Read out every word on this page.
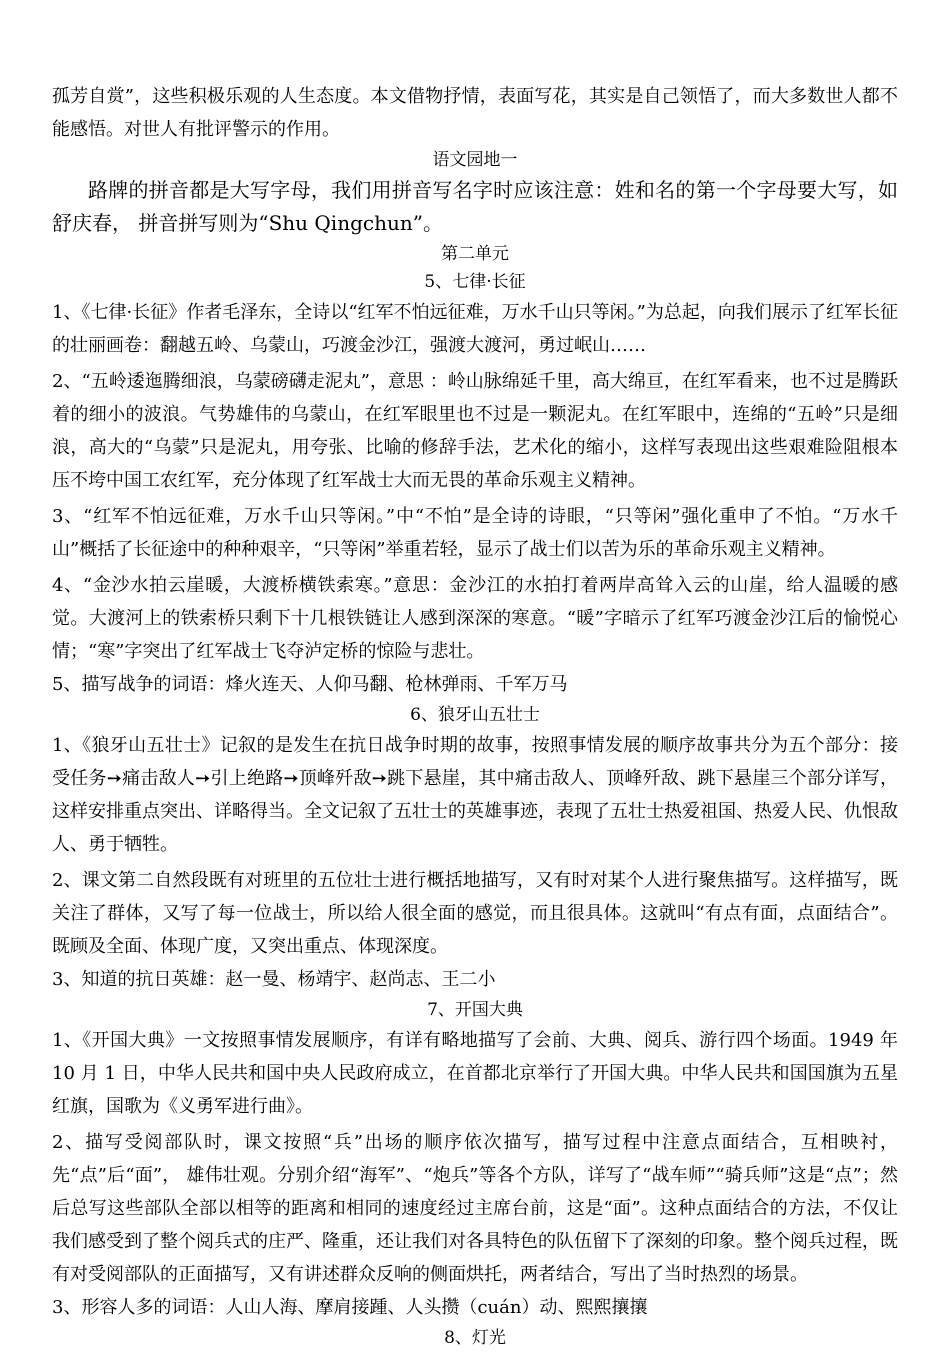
孤芳自赏”，这些积极乐观的人生态度。本文借物抒情，表面写花，其实是自己领悟了，而大多数世人都不能感悟。对世人有批评警示的作用。

语文园地一

路牌的拼音都是大写字母，我们用拼音写名字时应该注意：姓和名的第一个字母要大写，如舒庆春， 拼音拼写则为“Shu Qingchun”。

第二单元

5、七律·长征

1、《七律·长征》作者毛泽东，全诗以“红军不怕远征难，万水千山只等闲。”为总起，向我们展示了红军长征的壮丽画卷：翻越五岭、乌蒙山，巧渡金沙江，强渡大渡河，勇过岷山……

2、“五岭逶迤腾细浪，乌蒙磅礴走泥丸”，意思 ：岭山脉绵延千里，高大绵亘，在红军看来，也不过是腾跃着的细小的波浪。气势雄伟的乌蒙山，在红军眼里也不过是一颗泥丸。在红军眼中，连绵的“五岭”只是细浪，高大的“乌蒙”只是泥丸，用夸张、比喻的修辞手法，艺术化的缩小，这样写表现出这些艰难险阻根本压不垮中国工农红军，充分体现了红军战士大而无畏的革命乐观主义精神。

3、“红军不怕远征难，万水千山只等闲。”中“不怕”是全诗的诗眼，“只等闲”强化重申了不怕。“万水千山”概括了长征途中的种种艰辛，“只等闲”举重若轻，显示了战士们以苦为乐的革命乐观主义精神。

4、“金沙水拍云崖暖，大渡桥横铁索寒。”意思：金沙江的水拍打着两岸高耸入云的山崖，给人温暖的感觉。大渡河上的铁索桥只剩下十几根铁链让人感到深深的寒意。“暖”字暗示了红军巧渡金沙江后的愉悦心情；“寒”字突出了红军战士飞夺泸定桥的惊险与悲壮。

5、描写战争的词语：烽火连天、人仰马翻、枪林弹雨、千军万马

6、狼牙山五壮士

1、《狼牙山五壮士》记叙的是发生在抗日战争时期的故事，按照事情发展的顺序故事共分为五个部分：接受任务➙痛击敌人➙引上绝路➙顶峰歼敌➙跳下悬崖，其中痛击敌人、顶峰歼敌、跳下悬崖三个部分详写，这样安排重点突出、详略得当。全文记叙了五壮士的英雄事迹，表现了五壮士热爱祖国、热爱人民、仇恨敌人、勇于牺牲。

2、课文第二自然段既有对班里的五位壮士进行概括地描写，又有时对某个人进行聚焦描写。这样描写，既关注了群体，又写了每一位战士，所以给人很全面的感觉，而且很具体。这就叫“有点有面，点面结合”。既顾及全面、体现广度，又突出重点、体现深度。

3、知道的抗日英雄：赵一曼、杨靖宇、赵尚志、王二小

7、开国大典

1、《开国大典》一文按照事情发展顺序，有详有略地描写了会前、大典、阅兵、游行四个场面。1949 年 10 月 1 日，中华人民共和国中央人民政府成立，在首都北京举行了开国大典。中华人民共和国国旗为五星红旗，国歌为《义勇军进行曲》。

2、描写受阅部队时，课文按照“兵”出场的顺序依次描写，描写过程中注意点面结合，互相映衬，先“点”后“面”， 雄伟壮观。分别介绍“海军”、“炮兵”等各个方队，详写了“战车师”“骑兵师”这是“点”；然后总写这些部队全部以相等的距离和相同的速度经过主席台前，这是“面”。这种点面结合的方法，不仅让我们感受到了整个阅兵式的庄严、隆重，还让我们对各具特色的队伍留下了深刻的印象。整个阅兵过程，既有对受阅部队的正面描写，又有讲述群众反响的侧面烘托，两者结合，写出了当时热烈的场景。

3、形容人多的词语：人山人海、摩肩接踵、人头攒（cuán）动、熙熙攘攘

8、灯光
